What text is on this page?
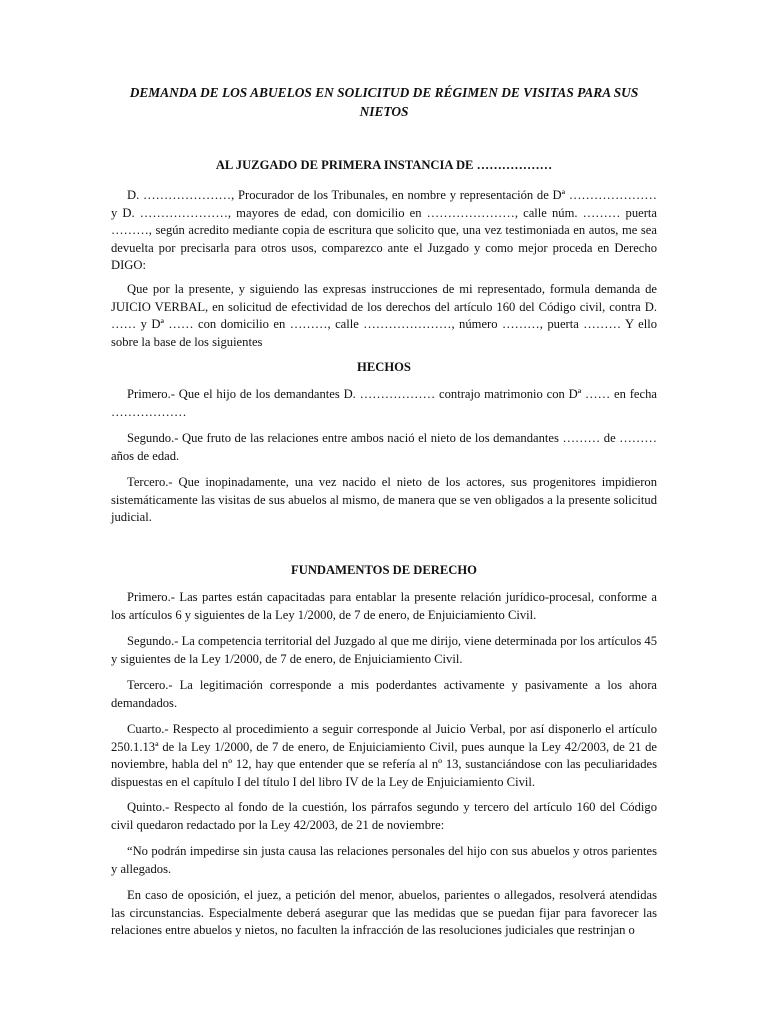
DEMANDA DE LOS ABUELOS EN SOLICITUD DE RÉGIMEN DE VISITAS PARA SUS NIETOS
AL JUZGADO DE PRIMERA INSTANCIA DE ………………

D. …………………, Procurador de los Tribunales, en nombre y representación de Dª ………………… y D. …………………, mayores de edad, con domicilio en …………………, calle núm. ……… puerta ………, según acredito mediante copia de escritura que solicito que, una vez testimoniada en autos, me sea devuelta por precisarla para otros usos, comparezco ante el Juzgado y como mejor proceda en Derecho DIGO:

Que por la presente, y siguiendo las expresas instrucciones de mi representado, formula demanda de JUICIO VERBAL, en solicitud de efectividad de los derechos del artículo 160 del Código civil, contra D. …… y Dª …… con domicilio en ………, calle …………………, número ………, puerta ……… Y ello sobre la base de los siguientes

HECHOS

Primero.- Que el hijo de los demandantes D. ……………… contrajo matrimonio con Dª …… en fecha ………………

Segundo.- Que fruto de las relaciones entre ambos nació el nieto de los demandantes ……… de ……… años de edad.

Tercero.- Que inopinadamente, una vez nacido el nieto de los actores, sus progenitores impidieron sistemáticamente las visitas de sus abuelos al mismo, de manera que se ven obligados a la presente solicitud judicial.

FUNDAMENTOS DE DERECHO

Primero.- Las partes están capacitadas para entablar la presente relación jurídico-procesal, conforme a los artículos 6 y siguientes de la Ley 1/2000, de 7 de enero, de Enjuiciamiento Civil.

Segundo.- La competencia territorial del Juzgado al que me dirijo, viene determinada por los artículos 45 y siguientes de la Ley 1/2000, de 7 de enero, de Enjuiciamiento Civil.

Tercero.- La legitimación corresponde a mis poderdantes activamente y pasivamente a los ahora demandados.

Cuarto.- Respecto al procedimiento a seguir corresponde al Juicio Verbal, por así disponerlo el artículo 250.1.13ª de la Ley 1/2000, de 7 de enero, de Enjuiciamiento Civil, pues aunque la Ley 42/2003, de 21 de noviembre, habla del nº 12, hay que entender que se refería al nº 13, sustanciándose con las peculiaridades dispuestas en el capítulo I del título I del libro IV de la Ley de Enjuiciamiento Civil.

Quinto.- Respecto al fondo de la cuestión, los párrafos segundo y tercero del artículo 160 del Código civil quedaron redactado por la Ley 42/2003, de 21 de noviembre:

“No podrán impedirse sin justa causa las relaciones personales del hijo con sus abuelos y otros parientes y allegados.

En caso de oposición, el juez, a petición del menor, abuelos, parientes o allegados, resolverá atendidas las circunstancias. Especialmente deberá asegurar que las medidas que se puedan fijar para favorecer las relaciones entre abuelos y nietos, no faculten la infracción de las resoluciones judiciales que restrinjan o
